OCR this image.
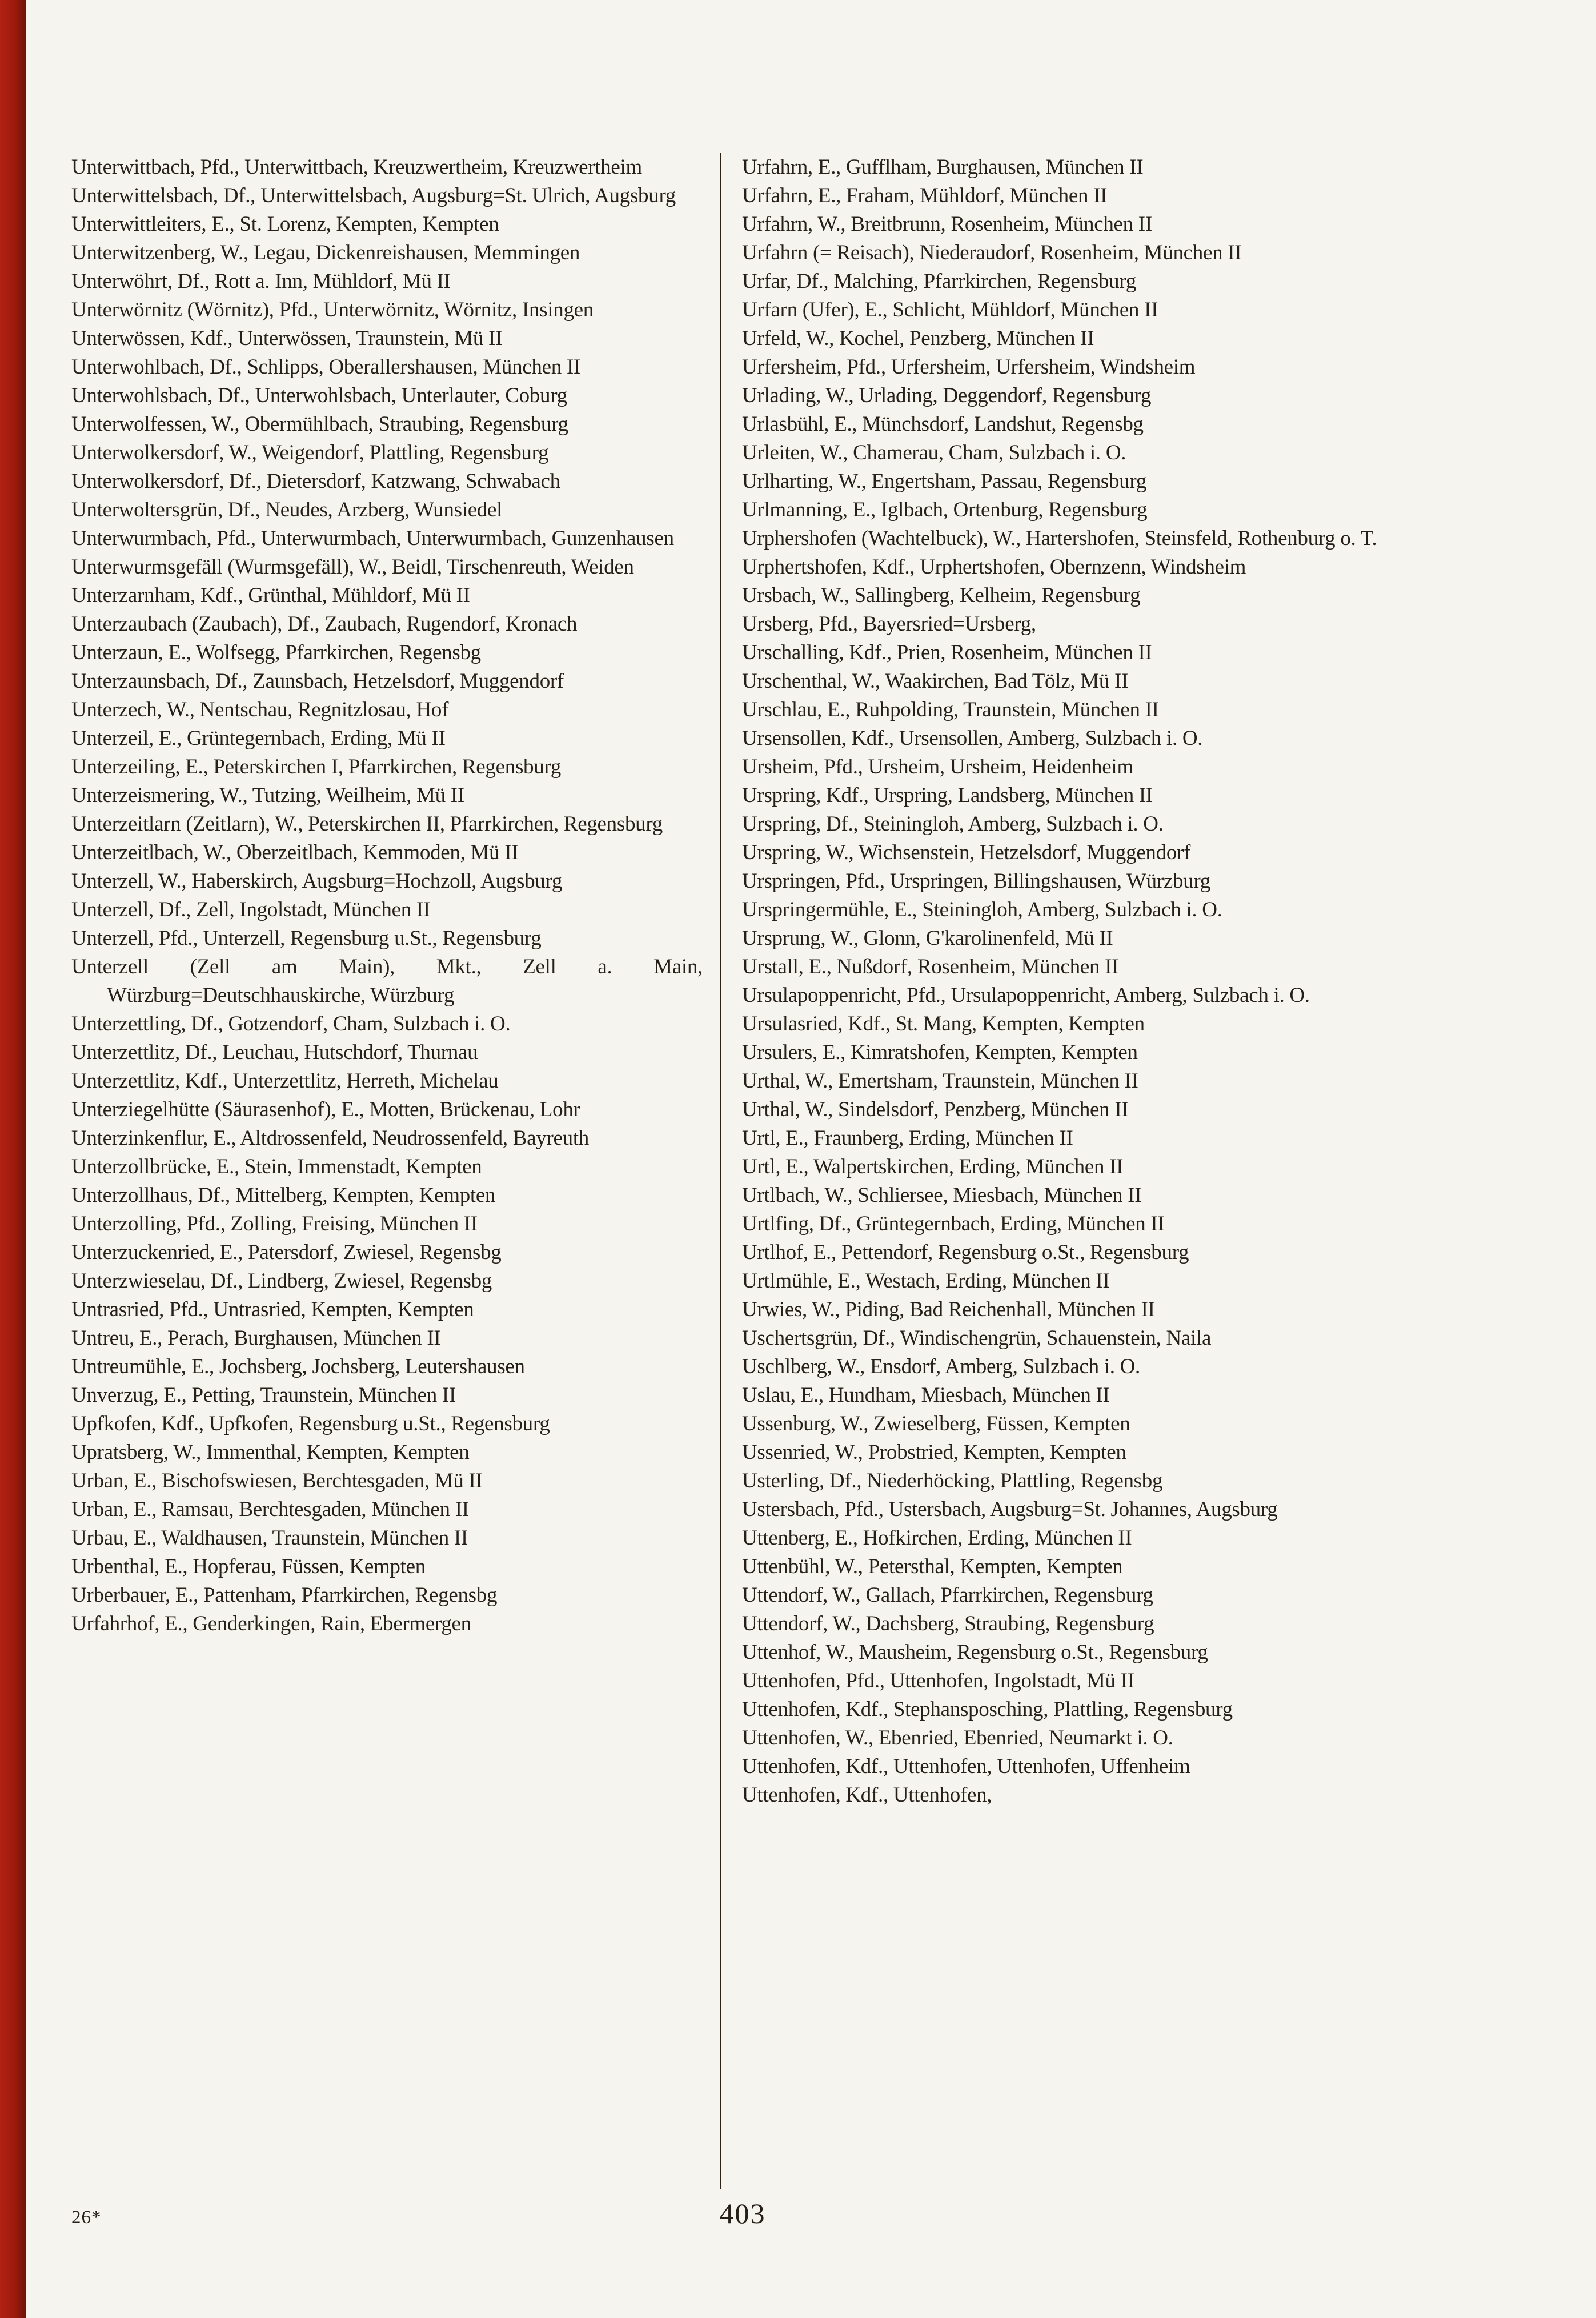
Unterwittbach, Pfd., Unterwittbach, Kreuzwertheim, Kreuzwertheim

Unterwittelsbach, Df., Unterwittelsbach, Augsburg=St. Ulrich, Augsburg

Unterwittleiters, E., St. Lorenz, Kempten, Kempten

Unterwitzenberg, W., Legau, Dickenreishausen, Memmingen

Unterwöhrt, Df., Rott a. Inn, Mühldorf, Mü II

Unterwörnitz (Wörnitz), Pfd., Unterwörnitz, Wörnitz, Insingen

Unterwössen, Kdf., Unterwössen, Traunstein, Mü II

Unterwohlbach, Df., Schlipps, Oberallershausen, München II

Unterwohlsbach, Df., Unterwohlsbach, Unterlauter, Coburg

Unterwolfessen, W., Obermühlbach, Straubing, Regensburg

Unterwolkersdorf, W., Weigendorf, Plattling, Regensburg

Unterwolkersdorf, Df., Dietersdorf, Katzwang, Schwabach

Unterwoltersgrün, Df., Neudes, Arzberg, Wunsiedel

Unterwurmbach, Pfd., Unterwurmbach, Unterwurmbach, Gunzenhausen

Unterwurmsgefäll (Wurmsgefäll), W., Beidl, Tirschenreuth, Weiden

Unterzarnham, Kdf., Grünthal, Mühldorf, Mü II

Unterzaubach (Zaubach), Df., Zaubach, Rugendorf, Kronach

Unterzaun, E., Wolfsegg, Pfarrkirchen, Regensbg

Unterzaunsbach, Df., Zaunsbach, Hetzelsdorf, Muggendorf

Unterzech, W., Nentschau, Regnitzlosau, Hof

Unterzeil, E., Grüntegernbach, Erding, Mü II

Unterzeiling, E., Peterskirchen I, Pfarrkirchen, Regensburg

Unterzeismering, W., Tutzing, Weilheim, Mü II

Unterzeitlarn (Zeitlarn), W., Peterskirchen II, Pfarrkirchen, Regensburg

Unterzeitlbach, W., Oberzeitlbach, Kemmoden, Mü II

Unterzell, W., Haberskirch, Augsburg=Hochzoll, Augsburg

Unterzell, Df., Zell, Ingolstadt, München II

Unterzell, Pfd., Unterzell, Regensburg u.St., Regensburg

Unterzell (Zell am Main), Mkt., Zell a. Main, Würzburg=Deutschhauskirche, Würzburg

Unterzettling, Df., Gotzendorf, Cham, Sulzbach i. O.

Unterzettlitz, Df., Leuchau, Hutschdorf, Thurnau

Unterzettlitz, Kdf., Unterzettlitz, Herreth, Michelau

Unterziegelhütte (Säurasenhof), E., Motten, Brückenau, Lohr

Unterzinkenflur, E., Altdrossenfeld, Neudrossenfeld, Bayreuth

Unterzollbrücke, E., Stein, Immenstadt, Kempten

Unterzollhaus, Df., Mittelberg, Kempten, Kempten

Unterzolling, Pfd., Zolling, Freising, München II

Unterzuckenried, E., Patersdorf, Zwiesel, Regensbg

Unterzwieselau, Df., Lindberg, Zwiesel, Regensbg

Untrasried, Pfd., Untrasried, Kempten, Kempten

Untreu, E., Perach, Burghausen, München II

Untreumühle, E., Jochsberg, Jochsberg, Leutershausen

Unverzug, E., Petting, Traunstein, München II

Upfkofen, Kdf., Upfkofen, Regensburg u.St., Regensburg

Upratsberg, W., Immenthal, Kempten, Kempten

Urban, E., Bischofswiesen, Berchtesgaden, Mü II

Urban, E., Ramsau, Berchtesgaden, München II

Urbau, E., Waldhausen, Traunstein, München II

Urbenthal, E., Hopferau, Füssen, Kempten

Urberbauer, E., Pattenham, Pfarrkirchen, Regensbg

Urfahrhof, E., Genderkingen, Rain, Ebermergen

Urfahrn, E., Gufflham, Burghausen, München II

Urfahrn, E., Fraham, Mühldorf, München II

Urfahrn, W., Breitbrunn, Rosenheim, München II

Urfahrn (= Reisach), Niederaudorf, Rosenheim, München II

Urfar, Df., Malching, Pfarrkirchen, Regensburg

Urfarn (Ufer), E., Schlicht, Mühldorf, München II

Urfeld, W., Kochel, Penzberg, München II

Urfersheim, Pfd., Urfersheim, Urfersheim, Windsheim

Urlading, W., Urlading, Deggendorf, Regensburg

Urlasbühl, E., Münchsdorf, Landshut, Regensbg

Urleiten, W., Chamerau, Cham, Sulzbach i. O.

Urlharting, W., Engertsham, Passau, Regensburg

Urlmanning, E., Iglbach, Ortenburg, Regensburg

Urphershofen (Wachtelbuck), W., Hartershofen, Steinsfeld, Rothenburg o. T.

Urphertshofen, Kdf., Urphertshofen, Obernzenn, Windsheim

Ursbach, W., Sallingberg, Kelheim, Regensburg

Ursberg, Pfd., Bayersried=Ursberg,

Urschalling, Kdf., Prien, Rosenheim, München II

Urschenthal, W., Waakirchen, Bad Tölz, Mü II

Urschlau, E., Ruhpolding, Traunstein, München II

Ursensollen, Kdf., Ursensollen, Amberg, Sulzbach i. O.

Ursheim, Pfd., Ursheim, Ursheim, Heidenheim

Urspring, Kdf., Urspring, Landsberg, München II

Urspring, Df., Steiningloh, Amberg, Sulzbach i. O.

Urspring, W., Wichsenstein, Hetzelsdorf, Muggendorf

Urspringen, Pfd., Urspringen, Billingshausen, Würzburg

Urspringermühle, E., Steiningloh, Amberg, Sulzbach i. O.

Ursprung, W., Glonn, G'karolinenfeld, Mü II

Urstall, E., Nußdorf, Rosenheim, München II

Ursulapoppenricht, Pfd., Ursulapoppenricht, Amberg, Sulzbach i. O.

Ursulasried, Kdf., St. Mang, Kempten, Kempten

Ursulers, E., Kimratshofen, Kempten, Kempten

Urthal, W., Emertsham, Traunstein, München II

Urthal, W., Sindelsdorf, Penzberg, München II

Urtl, E., Fraunberg, Erding, München II

Urtl, E., Walpertskirchen, Erding, München II

Urtlbach, W., Schliersee, Miesbach, München II

Urtlfing, Df., Grüntegernbach, Erding, München II

Urtlhof, E., Pettendorf, Regensburg o.St., Regensburg

Urtlmühle, E., Westach, Erding, München II

Urwies, W., Piding, Bad Reichenhall, München II

Uschertsgrün, Df., Windischengrün, Schauenstein, Naila

Uschlberg, W., Ensdorf, Amberg, Sulzbach i. O.

Uslau, E., Hundham, Miesbach, München II

Ussenburg, W., Zwieselberg, Füssen, Kempten

Ussenried, W., Probstried, Kempten, Kempten

Usterling, Df., Niederhöcking, Plattling, Regensbg

Ustersbach, Pfd., Ustersbach, Augsburg=St. Johannes, Augsburg

Uttenberg, E., Hofkirchen, Erding, München II

Uttenbühl, W., Petersthal, Kempten, Kempten

Uttendorf, W., Gallach, Pfarrkirchen, Regensburg

Uttendorf, W., Dachsberg, Straubing, Regensburg

Uttenhof, W., Mausheim, Regensburg o.St., Regensburg

Uttenhofen, Pfd., Uttenhofen, Ingolstadt, Mü II

Uttenhofen, Kdf., Stephansposching, Plattling, Regensburg

Uttenhofen, W., Ebenried, Ebenried, Neumarkt i. O.

Uttenhofen, Kdf., Uttenhofen, Uttenhofen, Uffenheim

Uttenhofen, Kdf., Uttenhofen,

26*	403
